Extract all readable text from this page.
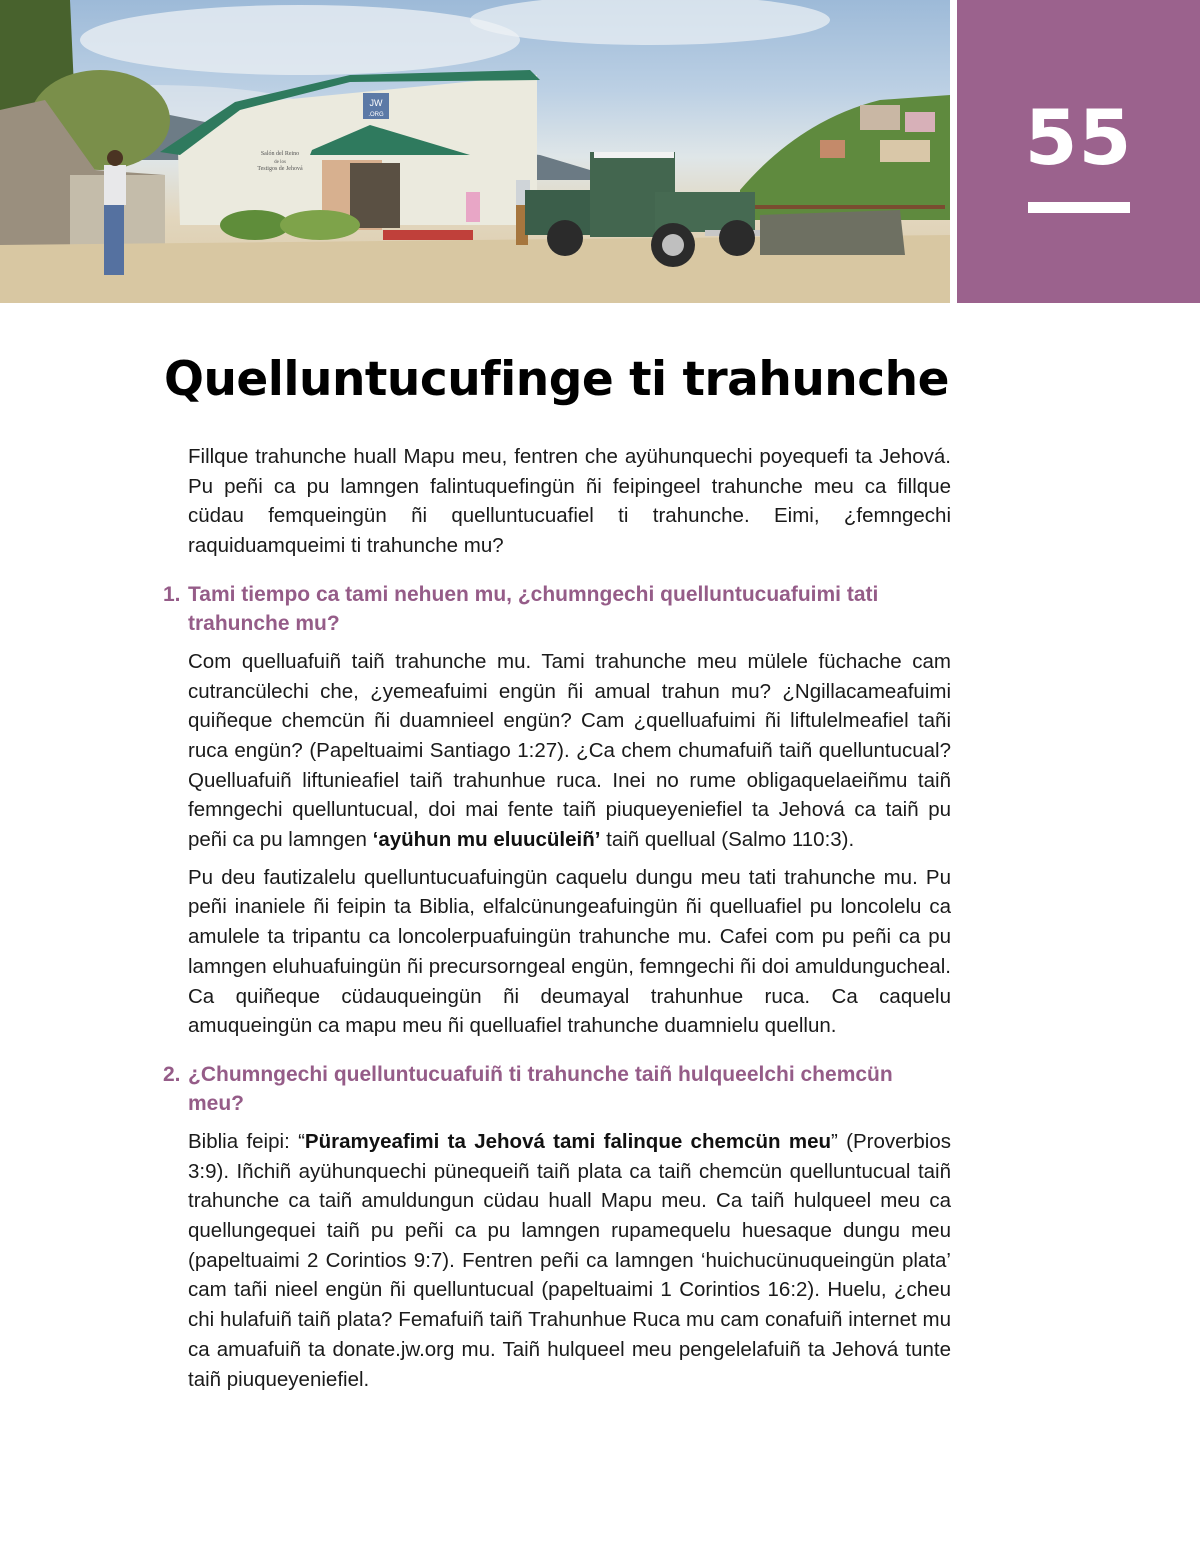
JW
.ORG
Salón del Reino
de los
Testigos de Jehová	55
Quelluntucufinge ti trahunche

Fillque trahunche huall Mapu meu, fentren che ayühunquechi poyequefi ta Jehová. Pu peñi ca pu lamngen falintuquefingün ñi feipingeel trahunche meu ca fillque cüdau femqueingün ñi quelluntucuafiel ti trahunche. Eimi, ¿femngechi raquiduamqueimi ti trahunche mu?

1. Tami tiempo ca tami nehuen mu, ¿chumngechi quelluntucuafuimi tati trahunche mu?

Com quelluafuiñ taiñ trahunche mu. Tami trahunche meu mülele füchache cam cutrancülechi che, ¿yemeafuimi engün ñi amual trahun mu? ¿Ngillacameafuimi quiñeque chemcün ñi duamnieel engün? Cam ¿quelluafuimi ñi liftulelmeafiel tañi ruca engün? (Papeltuaimi Santiago 1:27). ¿Ca chem chumafuiñ taiñ quelluntucual? Quelluafuiñ liftunieafiel taiñ trahunhue ruca. Inei no rume obligaquelaeiñmu taiñ femngechi quelluntucual, doi mai fente taiñ piuqueyeniefiel ta Jehová ca taiñ pu peñi ca pu lamngen ‘ayühun mu eluucüleiñ’ taiñ quellual (Salmo 110:3).

Pu deu fautizalelu quelluntucuafuingün caquelu dungu meu tati trahunche mu. Pu peñi inaniele ñi feipin ta Biblia, elfalcünungeafuingün ñi quelluafiel pu loncolelu ca amulele ta tripantu ca loncolerpuafuingün trahunche mu. Cafei com pu peñi ca pu lamngen eluhuafuingün ñi precursorngeal engün, femngechi ñi doi amuldungucheal. Ca quiñeque cüdauqueingün ñi deumayal trahunhue ruca. Ca caquelu amuqueingün ca mapu meu ñi quelluafiel trahunche duamnielu quellun.

2. ¿Chumngechi quelluntucuafuiñ ti trahunche taiñ hulqueelchi chemcün meu?

Biblia feipi: “Püramyeafimi ta Jehová tami falinque chemcün meu” (Proverbios 3:9). Iñchiñ ayühunquechi pünequeiñ taiñ plata ca taiñ chemcün quelluntucual taiñ trahunche ca taiñ amuldungun cüdau huall Mapu meu. Ca taiñ hulqueel meu ca quellungequei taiñ pu peñi ca pu lamngen rupamequelu huesaque dungu meu (papeltuaimi 2 Corintios 9:7). Fentren peñi ca lamngen ‘huichucünuqueingün plata’ cam tañi nieel engün ñi quelluntucual (papeltuaimi 1 Corintios 16:2). Huelu, ¿cheu chi hulafuiñ taiñ plata? Femafuiñ taiñ Trahunhue Ruca mu cam conafuiñ internet mu ca amuafuiñ ta donate.jw.org mu. Taiñ hulqueel meu pengelelafuiñ ta Jehová tunte taiñ piuqueyeniefiel.
